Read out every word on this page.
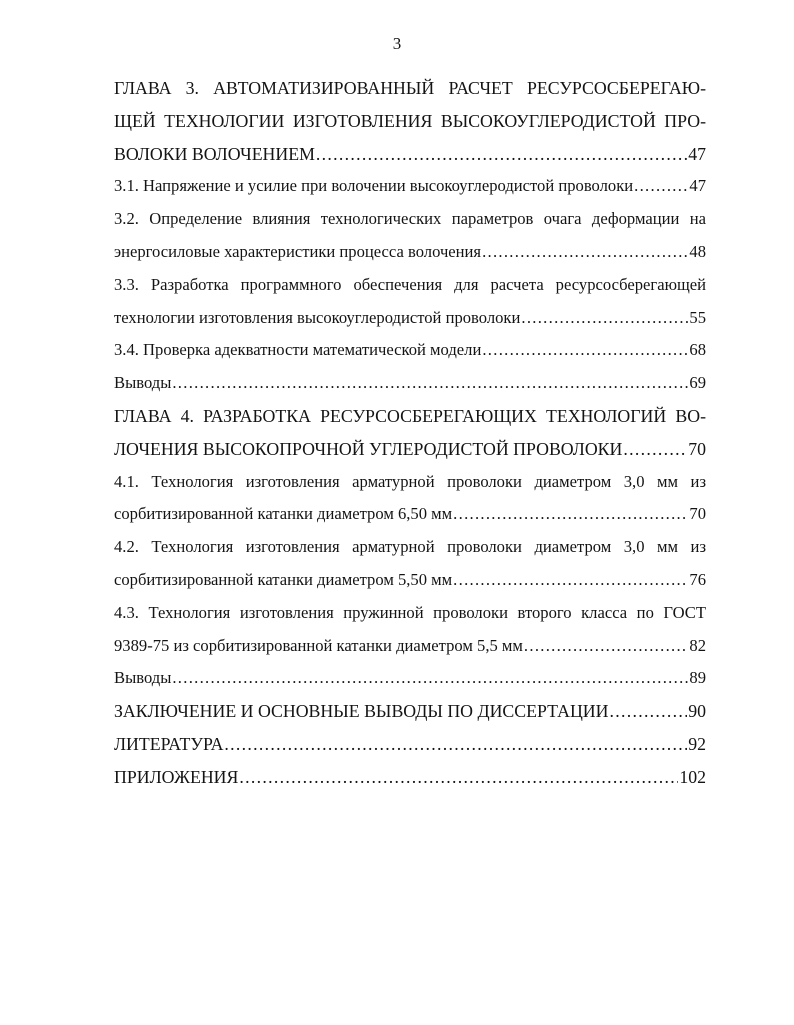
3
ГЛАВА 3. АВТОМАТИЗИРОВАННЫЙ РАСЧЕТ РЕСУРСОСБЕРЕГАЮ-
ЩЕЙ ТЕХНОЛОГИИ ИЗГОТОВЛЕНИЯ ВЫСОКОУГЛЕРОДИСТОЙ ПРО-
ВОЛОКИ ВОЛОЧЕНИЕМ .....	47
3.1. Напряжение и усилие при волочении высокоуглеродистой проволоки .....	47
3.2. Определение влияния технологических параметров очага деформации на
энергосиловые характеристики процесса волочения .....	48
3.3. Разработка программного обеспечения для расчета ресурсосберегающей
технологии изготовления высокоуглеродистой проволоки .....	55
3.4. Проверка адекватности математической модели .....	68
Выводы .....	69
ГЛАВА 4. РАЗРАБОТКА РЕСУРСОСБЕРЕГАЮЩИХ ТЕХНОЛОГИЙ ВО-
ЛОЧЕНИЯ ВЫСОКОПРОЧНОЙ УГЛЕРОДИСТОЙ ПРОВОЛОКИ .....	70
4.1. Технология изготовления арматурной проволоки диаметром 3,0 мм из
сорбитизированной катанки диаметром 6,50 мм .....	70
4.2. Технология изготовления арматурной проволоки диаметром 3,0 мм из
сорбитизированной катанки диаметром 5,50 мм .....	76
4.3. Технология изготовления пружинной проволоки второго класса по ГОСТ
9389-75 из сорбитизированной катанки диаметром 5,5 мм .....	82
Выводы .....	89
ЗАКЛЮЧЕНИЕ И ОСНОВНЫЕ ВЫВОДЫ ПО ДИССЕРТАЦИИ .....	90
ЛИТЕРАТУРА .....	92
ПРИЛОЖЕНИЯ .....	102
